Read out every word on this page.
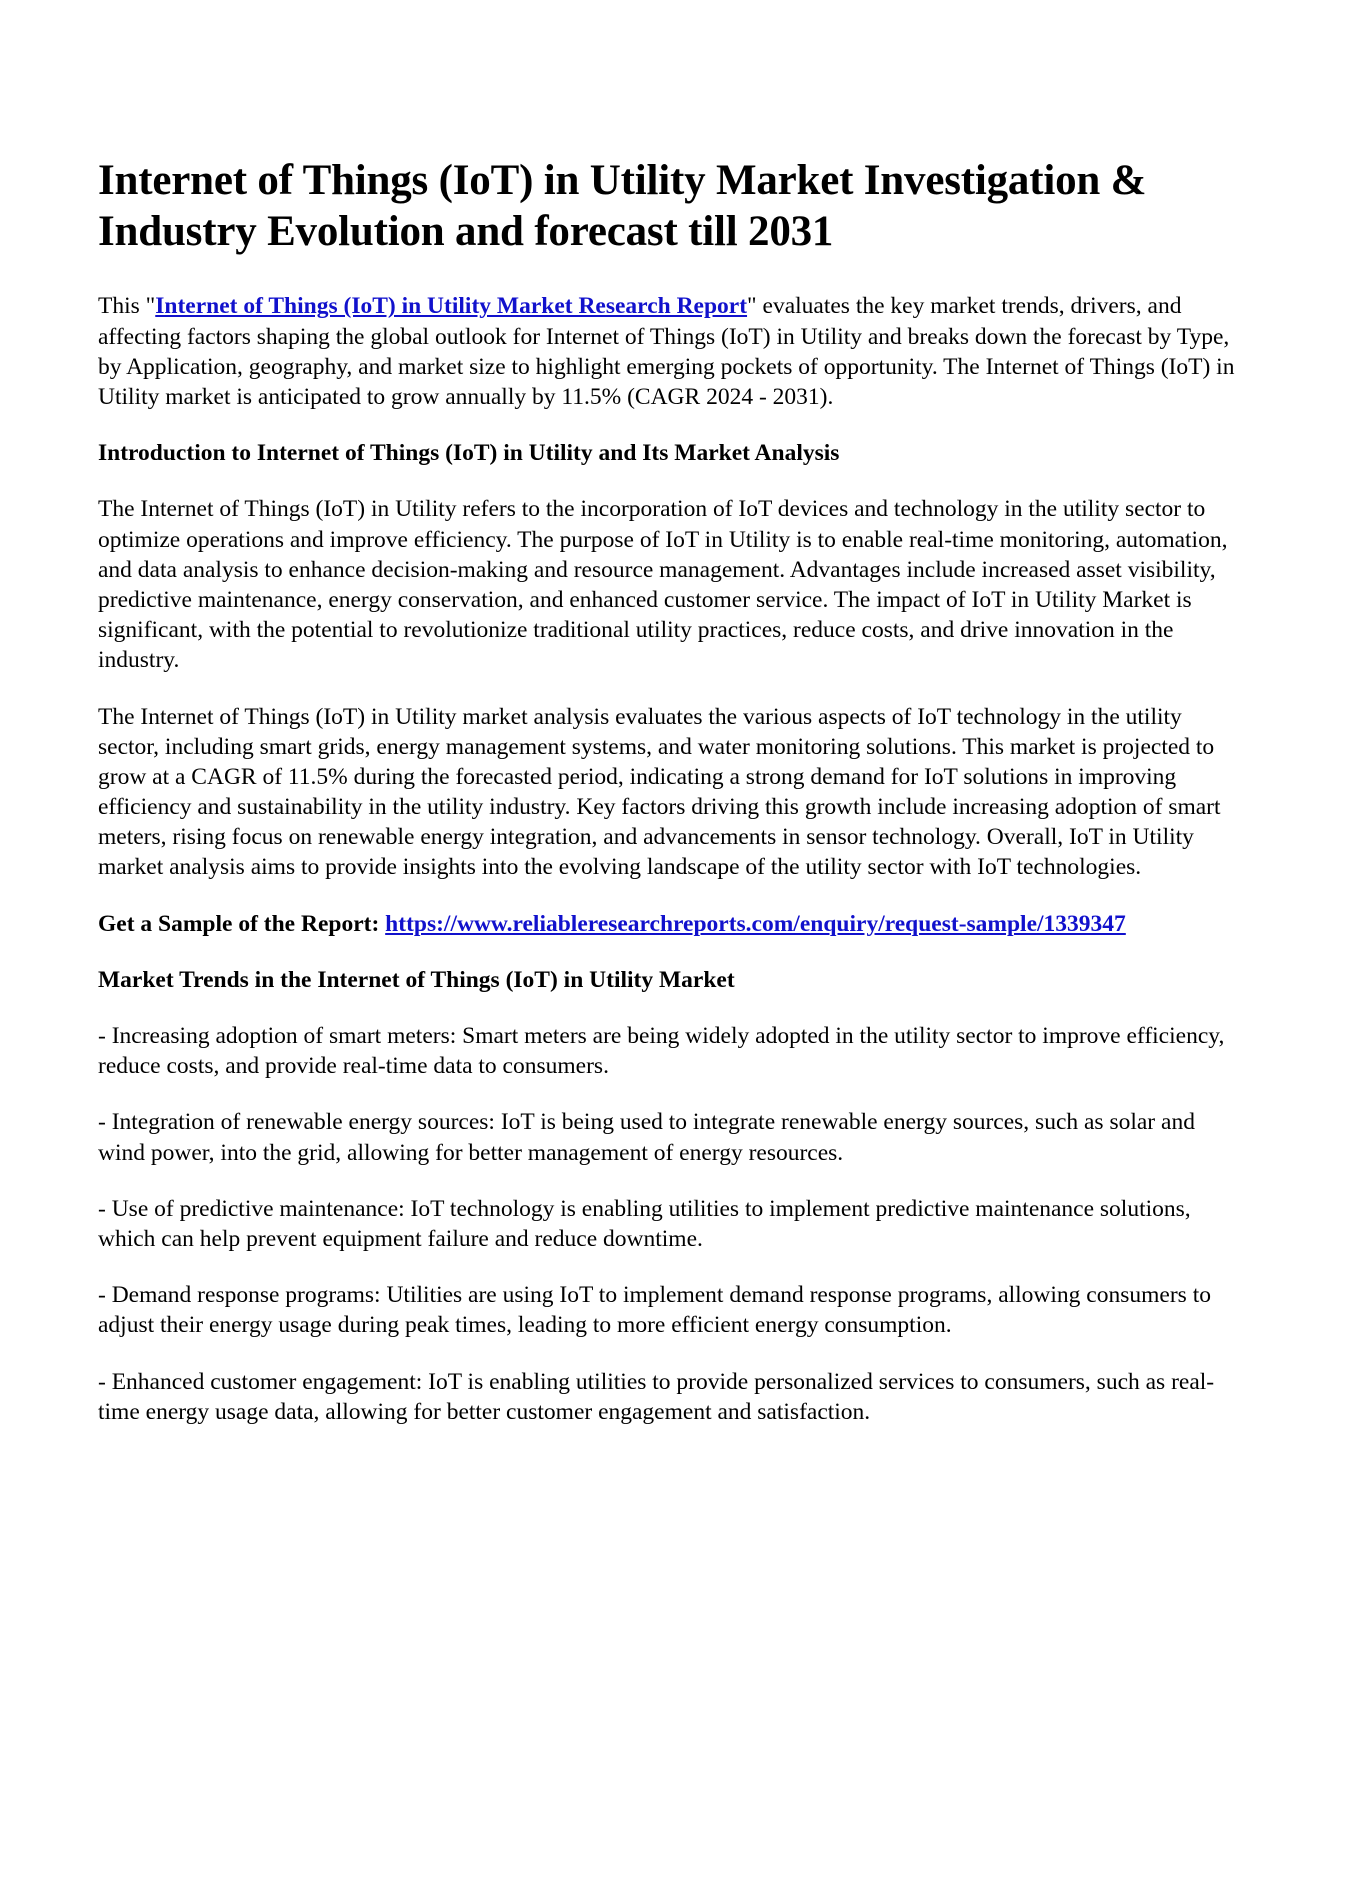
Internet of Things (IoT) in Utility Market Investigation & Industry Evolution and forecast till 2031

This "Internet of Things (IoT) in Utility Market Research Report" evaluates the key market trends, drivers, and affecting factors shaping the global outlook for Internet of Things (IoT) in Utility and breaks down the forecast by Type, by Application, geography, and market size to highlight emerging pockets of opportunity. The Internet of Things (IoT) in Utility market is anticipated to grow annually by 11.5% (CAGR 2024 - 2031).

Introduction to Internet of Things (IoT) in Utility and Its Market Analysis

The Internet of Things (IoT) in Utility refers to the incorporation of IoT devices and technology in the utility sector to optimize operations and improve efficiency. The purpose of IoT in Utility is to enable real-time monitoring, automation, and data analysis to enhance decision-making and resource management. Advantages include increased asset visibility, predictive maintenance, energy conservation, and enhanced customer service. The impact of IoT in Utility Market is significant, with the potential to revolutionize traditional utility practices, reduce costs, and drive innovation in the industry.

The Internet of Things (IoT) in Utility market analysis evaluates the various aspects of IoT technology in the utility sector, including smart grids, energy management systems, and water monitoring solutions. This market is projected to grow at a CAGR of 11.5% during the forecasted period, indicating a strong demand for IoT solutions in improving efficiency and sustainability in the utility industry. Key factors driving this growth include increasing adoption of smart meters, rising focus on renewable energy integration, and advancements in sensor technology. Overall, IoT in Utility market analysis aims to provide insights into the evolving landscape of the utility sector with IoT technologies.

Get a Sample of the Report: https://www.reliableresearchreports.com/enquiry/request-sample/1339347

Market Trends in the Internet of Things (IoT) in Utility Market

- Increasing adoption of smart meters: Smart meters are being widely adopted in the utility sector to improve efficiency, reduce costs, and provide real-time data to consumers.

- Integration of renewable energy sources: IoT is being used to integrate renewable energy sources, such as solar and wind power, into the grid, allowing for better management of energy resources.

- Use of predictive maintenance: IoT technology is enabling utilities to implement predictive maintenance solutions, which can help prevent equipment failure and reduce downtime.

- Demand response programs: Utilities are using IoT to implement demand response programs, allowing consumers to adjust their energy usage during peak times, leading to more efficient energy consumption.

- Enhanced customer engagement: IoT is enabling utilities to provide personalized services to consumers, such as real-time energy usage data, allowing for better customer engagement and satisfaction.
